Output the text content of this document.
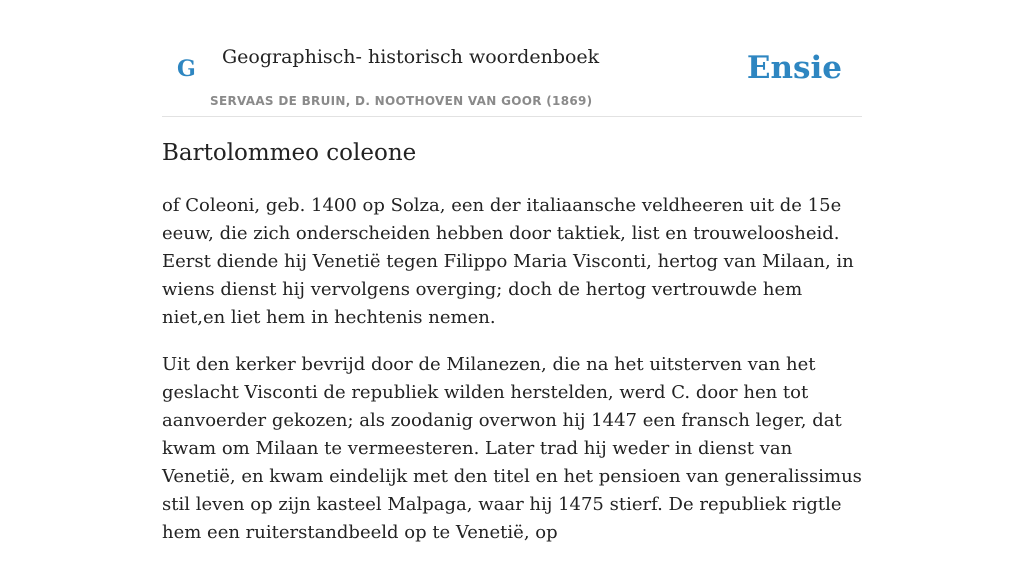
G Geographisch- historisch woordenboek
SERVAAS DE BRUIN, D. NOOTHOVEN VAN GOOR (1869)
Ensie
Bartolommeo coleone

of Coleoni, geb. 1400 op Solza, een der italiaansche veldheeren uit de 15e eeuw, die zich onderscheiden hebben door taktiek, list en trouweloosheid. Eerst diende hij Venetië tegen Filippo Maria Visconti, hertog van Milaan, in wiens dienst hij vervolgens overging; doch de hertog vertrouwde hem niet,en liet hem in hechtenis nemen.

Uit den kerker bevrijd door de Milanezen, die na het uitsterven van het geslacht Visconti de republiek wilden herstelden, werd C. door hen tot aanvoerder gekozen; als zoodanig overwon hij 1447 een fransch leger, dat kwam om Milaan te vermeesteren. Later trad hij weder in dienst van Venetië, en kwam eindelijk met den titel en het pensioen van generalissimus stil leven op zijn kasteel Malpaga, waar hij 1475 stierf. De republiek rigtle hem een ruiterstandbeeld op te Venetië, op
